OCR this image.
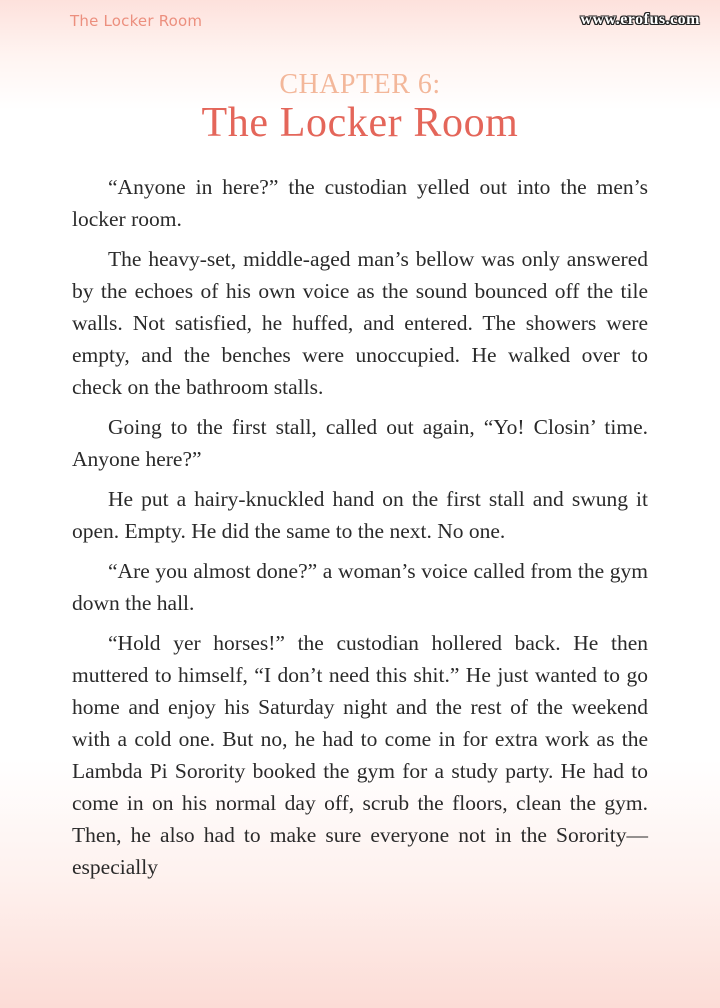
The Locker Room	www.erofus.com
CHAPTER 6:
The Locker Room

“Anyone in here?” the custodian yelled out into the men’s locker room.

The heavy-set, middle-aged man’s bellow was only answered by the echoes of his own voice as the sound bounced off the tile walls. Not satisfied, he huffed, and entered. The showers were empty, and the benches were unoccupied. He walked over to check on the bathroom stalls.

Going to the first stall, called out again, “Yo! Closin’ time. Anyone here?”

He put a hairy-knuckled hand on the first stall and swung it open. Empty. He did the same to the next. No one.

“Are you almost done?” a woman’s voice called from the gym down the hall.

“Hold yer horses!” the custodian hollered back. He then muttered to himself, “I don’t need this shit.” He just wanted to go home and enjoy his Saturday night and the rest of the weekend with a cold one. But no, he had to come in for extra work as the Lambda Pi Sorority booked the gym for a study party. He had to come in on his normal day off, scrub the floors, clean the gym. Then, he also had to make sure everyone not in the Sorority—especially
